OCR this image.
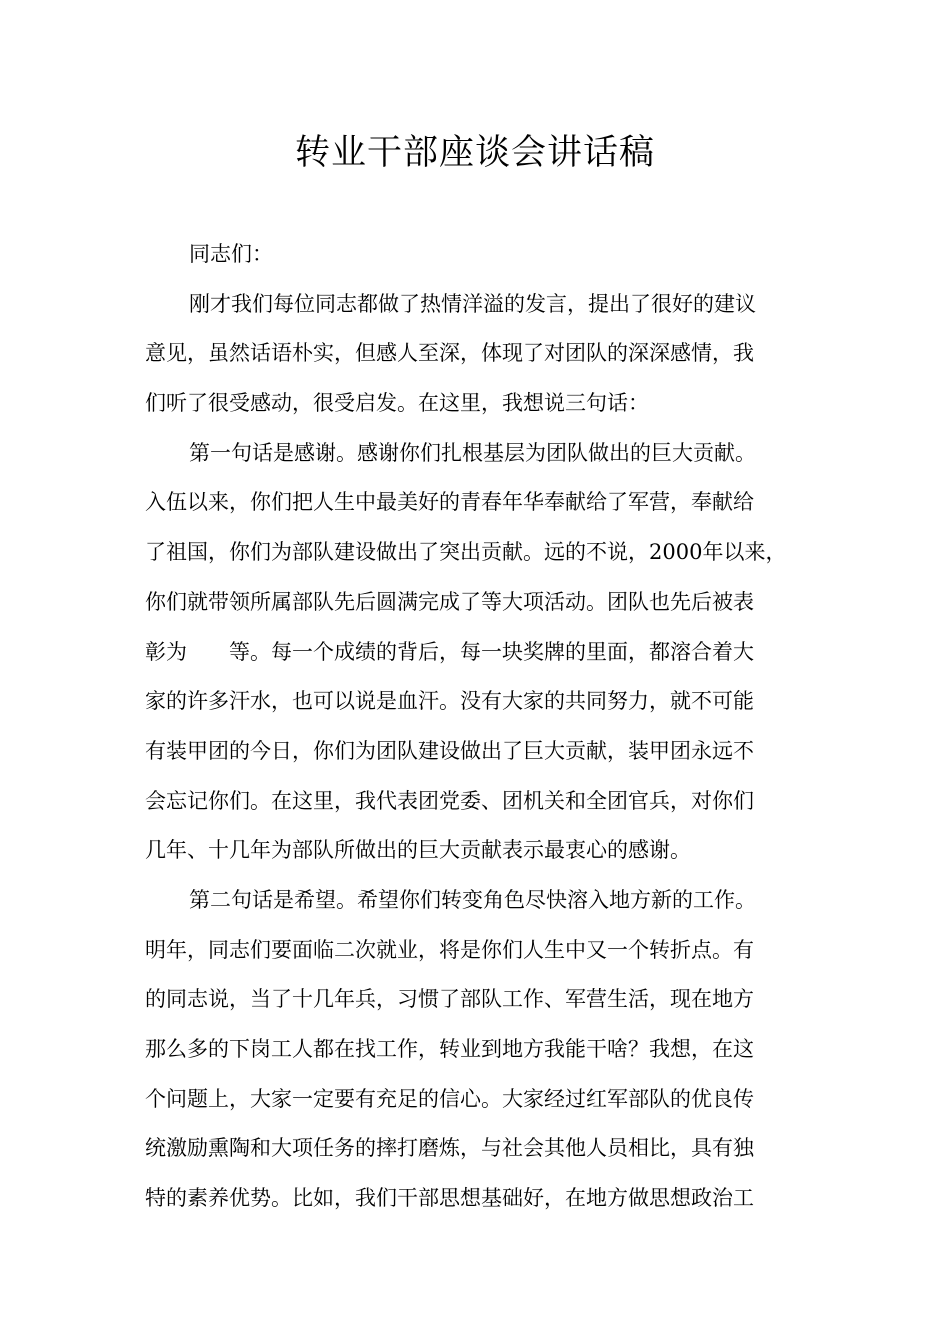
转业干部座谈会讲话稿
同志们：
刚才我们每位同志都做了热情洋溢的发言，提出了很好的建议
意见，虽然话语朴实，但感人至深，体现了对团队的深深感情，我
们听了很受感动，很受启发。在这里，我想说三句话：
第一句话是感谢。感谢你们扎根基层为团队做出的巨大贡献。
入伍以来，你们把人生中最美好的青春年华奉献给了军营，奉献给
了祖国，你们为部队建设做出了突出贡献。远的不说，2000年以来，
你们就带领所属部队先后圆满完成了等大项活动。团队也先后被表
彰为　　等。每一个成绩的背后，每一块奖牌的里面，都溶合着大
家的许多汗水，也可以说是血汗。没有大家的共同努力，就不可能
有装甲团的今日，你们为团队建设做出了巨大贡献，装甲团永远不
会忘记你们。在这里，我代表团党委、团机关和全团官兵，对你们
几年、十几年为部队所做出的巨大贡献表示最衷心的感谢。
第二句话是希望。希望你们转变角色尽快溶入地方新的工作。
明年，同志们要面临二次就业，将是你们人生中又一个转折点。有
的同志说，当了十几年兵，习惯了部队工作、军营生活，现在地方
那么多的下岗工人都在找工作，转业到地方我能干啥？我想，在这
个问题上，大家一定要有充足的信心。大家经过红军部队的优良传
统激励熏陶和大项任务的摔打磨炼，与社会其他人员相比，具有独
特的素养优势。比如，我们干部思想基础好，在地方做思想政治工
